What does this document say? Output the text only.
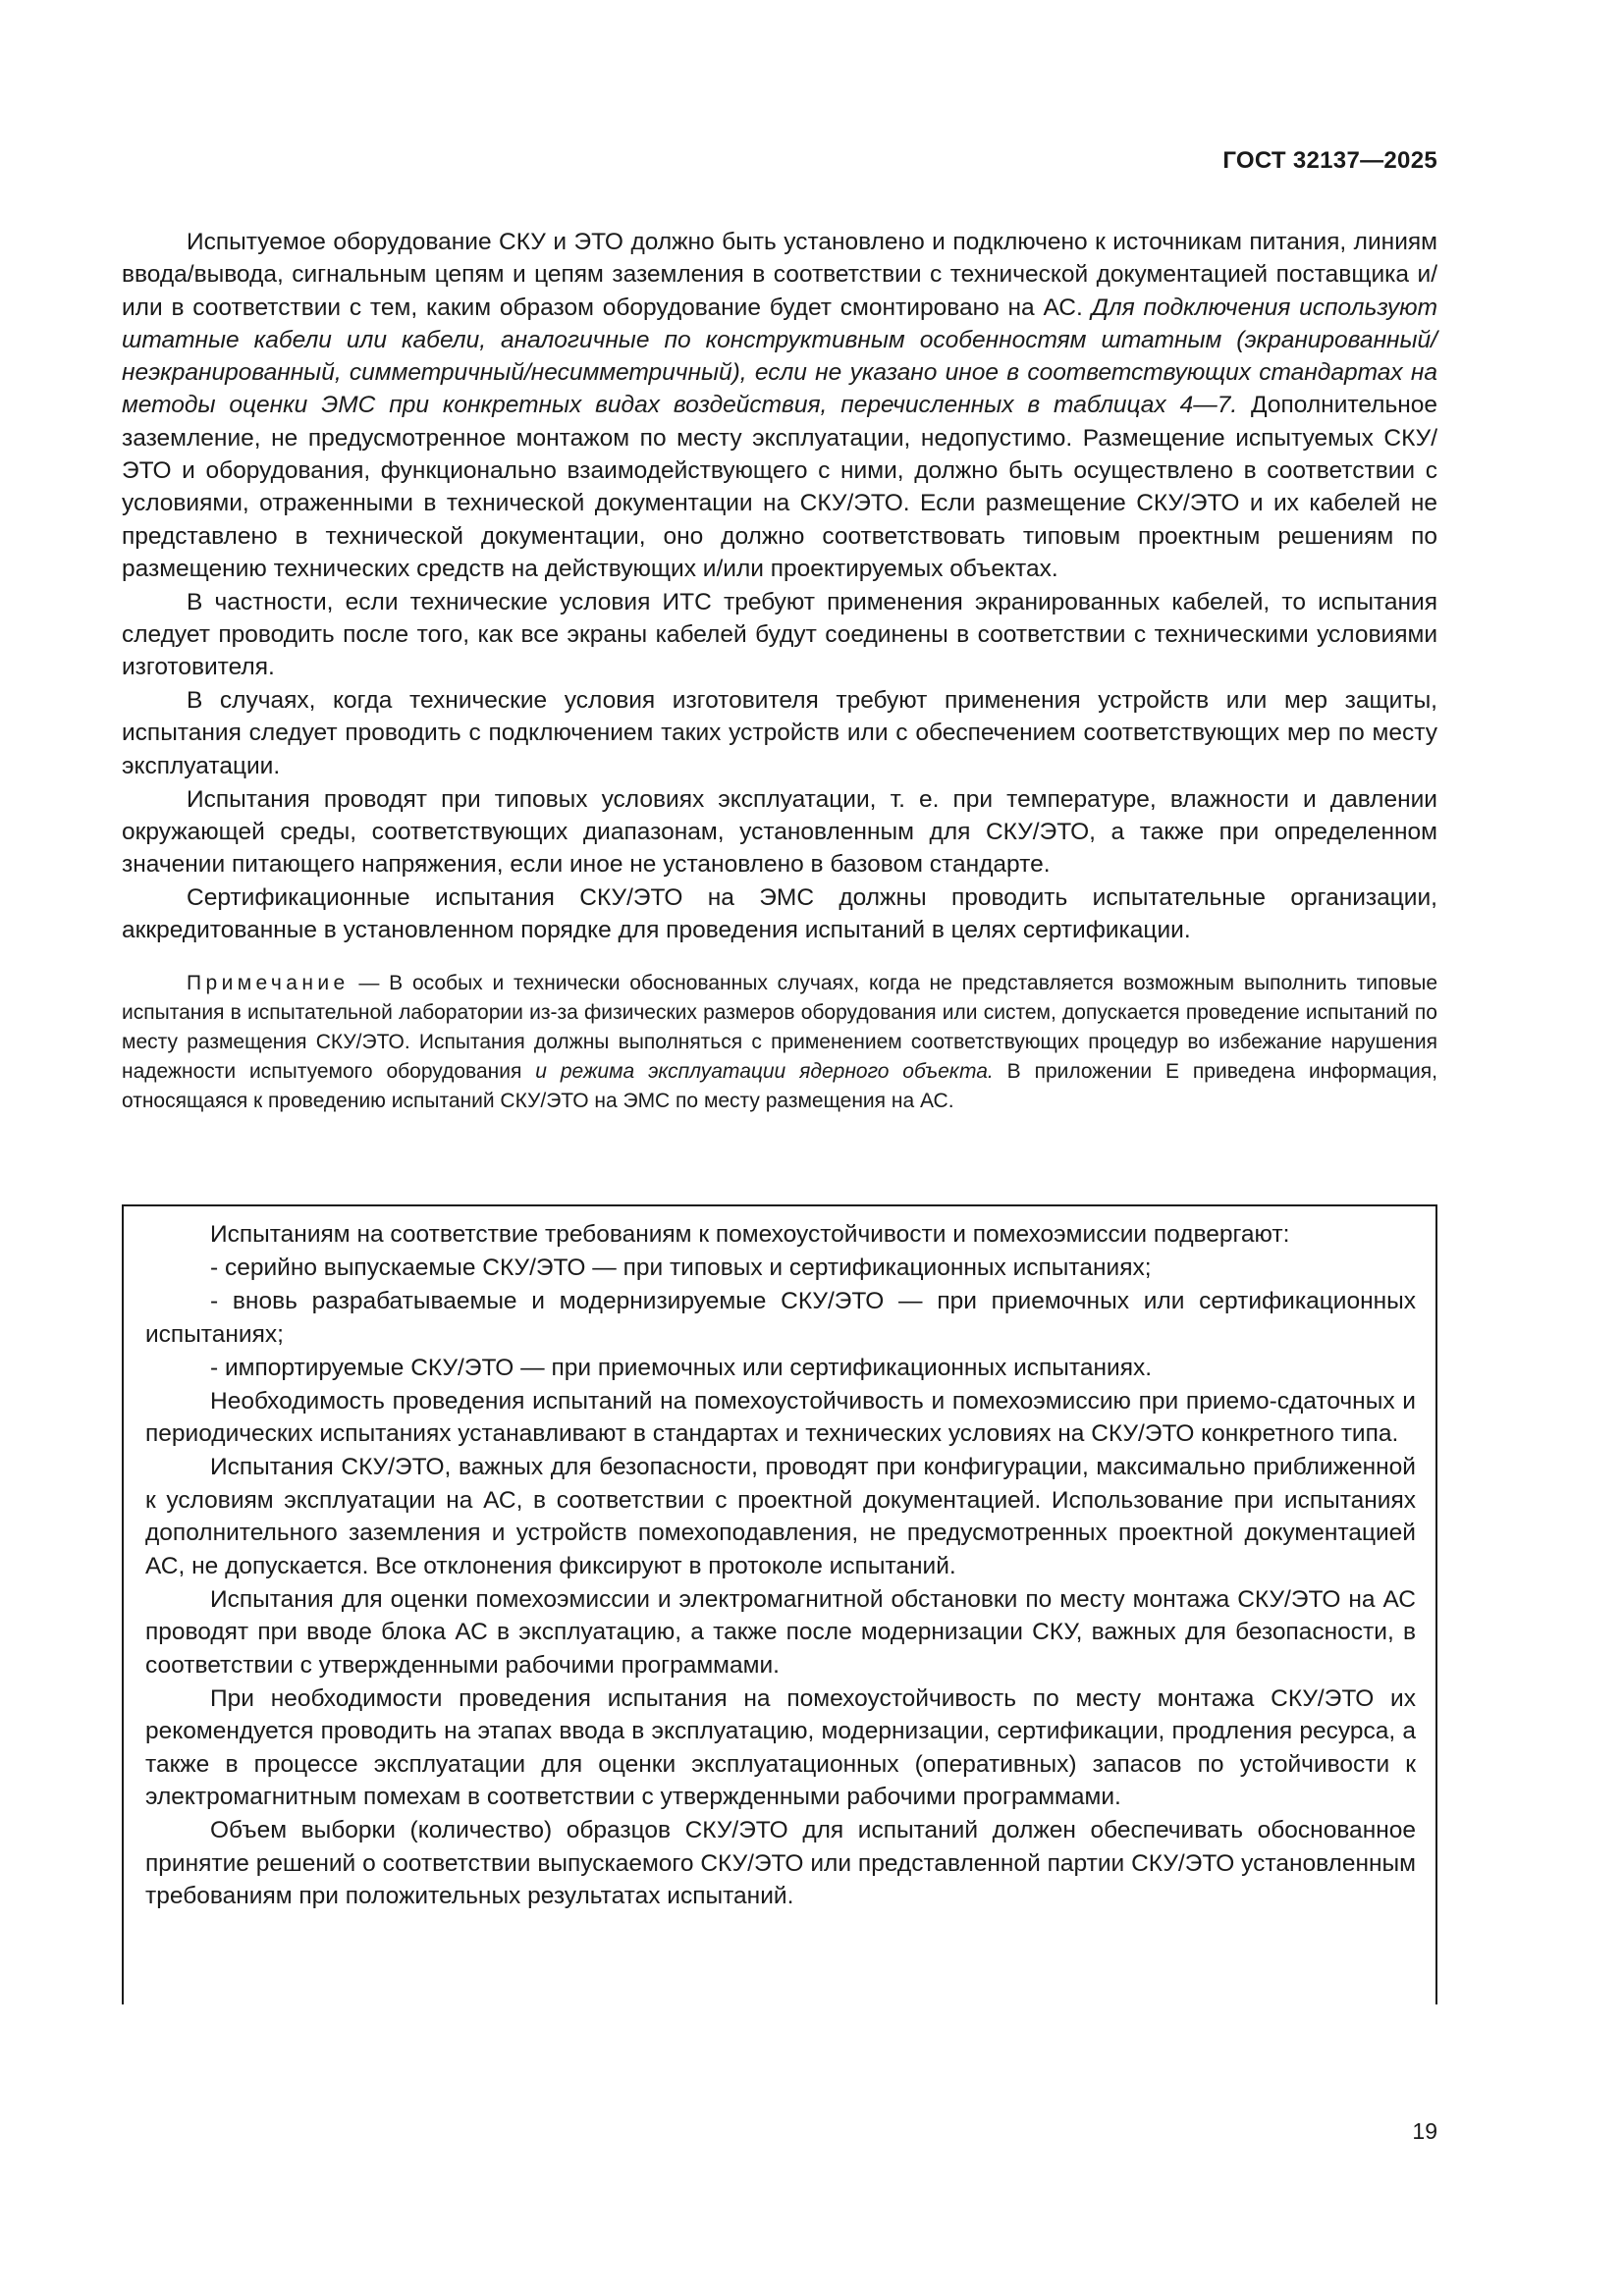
ГОСТ 32137—2025

Испытуемое оборудование СКУ и ЭТО должно быть установлено и подключено к источникам питания, линиям ввода/вывода, сигнальным цепям и цепям заземления в соответствии с технической документацией поставщика и/или в соответствии с тем, каким образом оборудование будет смонтировано на АС. Для подключения используют штатные кабели или кабели, аналогичные по конструктивным особенностям штатным (экранированный/неэкранированный, симметричный/несимметричный), если не указано иное в соответствующих стандартах на методы оценки ЭМС при конкретных видах воздействия, перечисленных в таблицах 4—7. Дополнительное заземление, не предусмотренное монтажом по месту эксплуатации, недопустимо. Размещение испытуемых СКУ/ЭТО и оборудования, функционально взаимодействующего с ними, должно быть осуществлено в соответствии с условиями, отраженными в технической документации на СКУ/ЭТО. Если размещение СКУ/ЭТО и их кабелей не представлено в технической документации, оно должно соответствовать типовым проектным решениям по размещению технических средств на действующих и/или проектируемых объектах.

В частности, если технические условия ИТС требуют применения экранированных кабелей, то испытания следует проводить после того, как все экраны кабелей будут соединены в соответствии с техническими условиями изготовителя.

В случаях, когда технические условия изготовителя требуют применения устройств или мер защиты, испытания следует проводить с подключением таких устройств или с обеспечением соответствующих мер по месту эксплуатации.

Испытания проводят при типовых условиях эксплуатации, т. е. при температуре, влажности и давлении окружающей среды, соответствующих диапазонам, установленным для СКУ/ЭТО, а также при определенном значении питающего напряжения, если иное не установлено в базовом стандарте.

Сертификационные испытания СКУ/ЭТО на ЭМС должны проводить испытательные организации, аккредитованные в установленном порядке для проведения испытаний в целях сертификации.

Примечание — В особых и технически обоснованных случаях, когда не представляется возможным выполнить типовые испытания в испытательной лаборатории из-за физических размеров оборудования или систем, допускается проведение испытаний по месту размещения СКУ/ЭТО. Испытания должны выполняться с применением соответствующих процедур во избежание нарушения надежности испытуемого оборудования и режима эксплуатации ядерного объекта. В приложении Е приведена информация, относящаяся к проведению испытаний СКУ/ЭТО на ЭМС по месту размещения на АС.

Испытаниям на соответствие требованиям к помехоустойчивости и помехоэмиссии подвергают:

- серийно выпускаемые СКУ/ЭТО — при типовых и сертификационных испытаниях;

- вновь разрабатываемые и модернизируемые СКУ/ЭТО — при приемочных или сертификационных испытаниях;

- импортируемые СКУ/ЭТО — при приемочных или сертификационных испытаниях.

Необходимость проведения испытаний на помехоустойчивость и помехоэмиссию при приемо-сдаточных и периодических испытаниях устанавливают в стандартах и технических условиях на СКУ/ЭТО конкретного типа.

Испытания СКУ/ЭТО, важных для безопасности, проводят при конфигурации, максимально приближенной к условиям эксплуатации на АС, в соответствии с проектной документацией. Использование при испытаниях дополнительного заземления и устройств помехоподавления, не предусмотренных проектной документацией АС, не допускается. Все отклонения фиксируют в протоколе испытаний.

Испытания для оценки помехоэмиссии и электромагнитной обстановки по месту монтажа СКУ/ЭТО на АС проводят при вводе блока АС в эксплуатацию, а также после модернизации СКУ, важных для безопасности, в соответствии с утвержденными рабочими программами.

При необходимости проведения испытания на помехоустойчивость по месту монтажа СКУ/ЭТО их рекомендуется проводить на этапах ввода в эксплуатацию, модернизации, сертификации, продления ресурса, а также в процессе эксплуатации для оценки эксплуатационных (оперативных) запасов по устойчивости к электромагнитным помехам в соответствии с утвержденными рабочими программами.

Объем выборки (количество) образцов СКУ/ЭТО для испытаний должен обеспечивать обоснованное принятие решений о соответствии выпускаемого СКУ/ЭТО или представленной партии СКУ/ЭТО установленным требованиям при положительных результатах испытаний.

19
